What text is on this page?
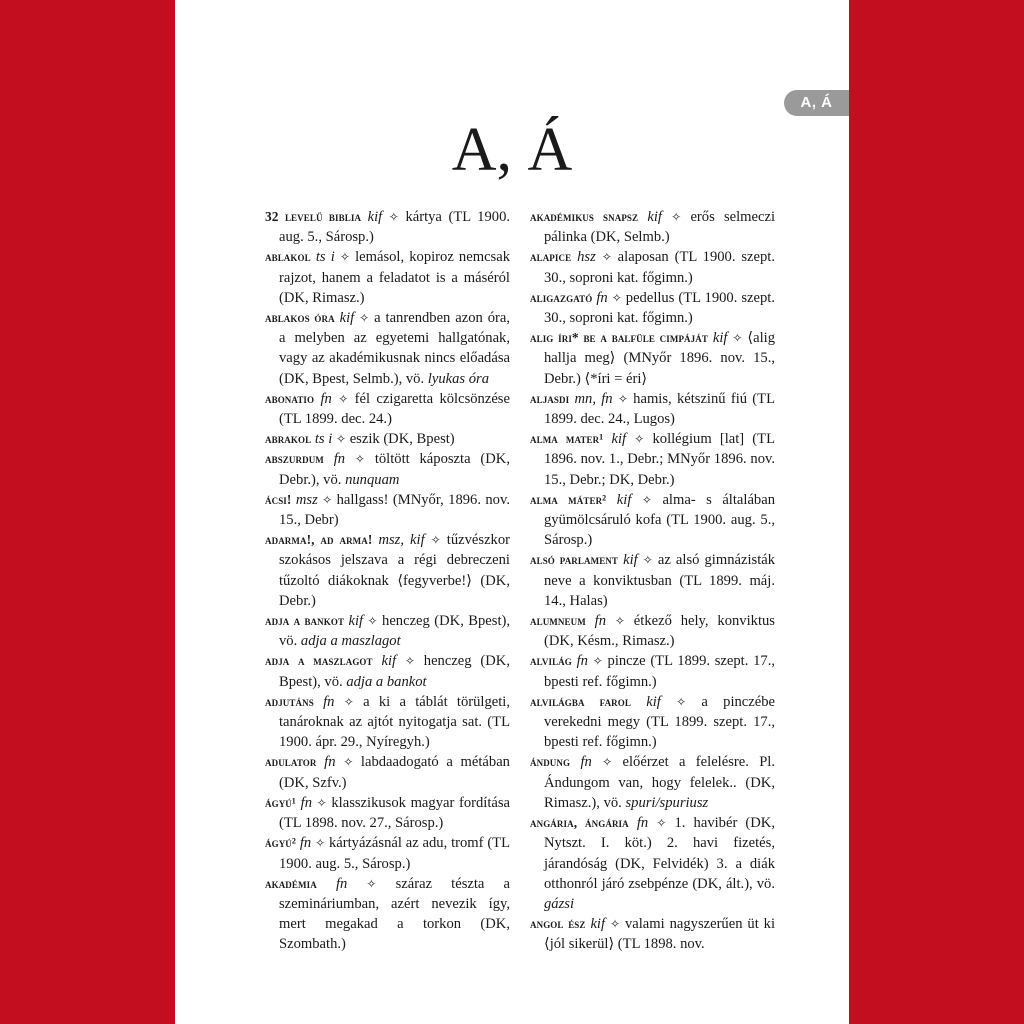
A, Á
A, Á
32 levelű biblia kif ✧ kártya (TL 1900. aug. 5., Sárosp.)
ablakol ts i ✧ lemásol, kopiroz nemcsak rajzot, hanem a feladatot is a máséról (DK, Rimasz.)
ablakos óra kif ✧ a tanrendben azon óra, a melyben az egyetemi hallgatónak, vagy az akadémikusnak nincs előadása (DK, Bpest, Selmb.), vö. lyukas óra
abonatio fn ✧ fél czigaretta kölcsönzése (TL 1899. dec. 24.)
abrakol ts i ✧ eszik (DK, Bpest)
abszurdum fn ✧ töltött káposzta (DK, Debr.), vö. nunquam
ácsi! msz ✧ hallgass! (MNyőr, 1896. nov. 15., Debr)
adarma!, ad arma! msz, kif ✧ tűzvészkor szokásos jelszava a régi debreczeni tűzoltó diákoknak ⟨fegyverbe!⟩ (DK, Debr.)
adja a bankot kif ✧ henczeg (DK, Bpest), vö. adja a maszlagot
adja a maszlagot kif ✧ henczeg (DK, Bpest), vö. adja a bankot
adjutáns fn ✧ a ki a táblát törülgeti, tanároknak az ajtót nyitogatja sat. (TL 1900. ápr. 29., Nyíregyh.)
adulator fn ✧ labdaadogató a métában (DK, Szfv.)
ágyú¹ fn ✧ klasszikusok magyar fordítása (TL 1898. nov. 27., Sárosp.)
ágyú² fn ✧ kártyázásnál az adu, tromf (TL 1900. aug. 5., Sárosp.)
akadémia fn ✧ száraz tészta a szemináriumban, azért nevezik így, mert megakad a torkon (DK, Szombath.)
akadémikus snapsz kif ✧ erős selmeczi pálinka (DK, Selmb.)
alapice hsz ✧ alaposan (TL 1900. szept. 30., soproni kat. főgimn.)
aligazgató fn ✧ pedellus (TL 1900. szept. 30., soproni kat. főgimn.)
alig íri* be a balfüle cimpáját kif ✧ ⟨alig hallja meg⟩ (MNyőr 1896. nov. 15., Debr.) ⟨*íri = éri⟩
aljasdi mn, fn ✧ hamis, kétszinű fiú (TL 1899. dec. 24., Lugos)
alma mater¹ kif ✧ kollégium [lat] (TL 1896. nov. 1., Debr.; MNyőr 1896. nov. 15., Debr.; DK, Debr.)
alma máter² kif ✧ alma- s általában gyümölcsáruló kofa (TL 1900. aug. 5., Sárosp.)
alsó parlament kif ✧ az alsó gimnázisták neve a konviktusban (TL 1899. máj. 14., Halas)
alumneum fn ✧ étkező hely, konviktus (DK, Késm., Rimasz.)
alvilág fn ✧ pincze (TL 1899. szept. 17., bpesti ref. főgimn.)
alvilágba farol kif ✧ a pinczébe verekedni megy (TL 1899. szept. 17., bpesti ref. főgimn.)
ándung fn ✧ előérzet a felelésre. Pl. Ándungom van, hogy felelek.. (DK, Rimasz.), vö. spuri/spuriusz
angária, ángária fn ✧ 1. havibér (DK, Nytszt. I. köt.) 2. havi fizetés, járandóság (DK, Felvidék) 3. a diák otthonról járó zsebpénze (DK, ált.), vö. gázsi
angol ész kif ✧ valami nagyszerűen üt ki ⟨jól sikerül⟩ (TL 1898. nov.
